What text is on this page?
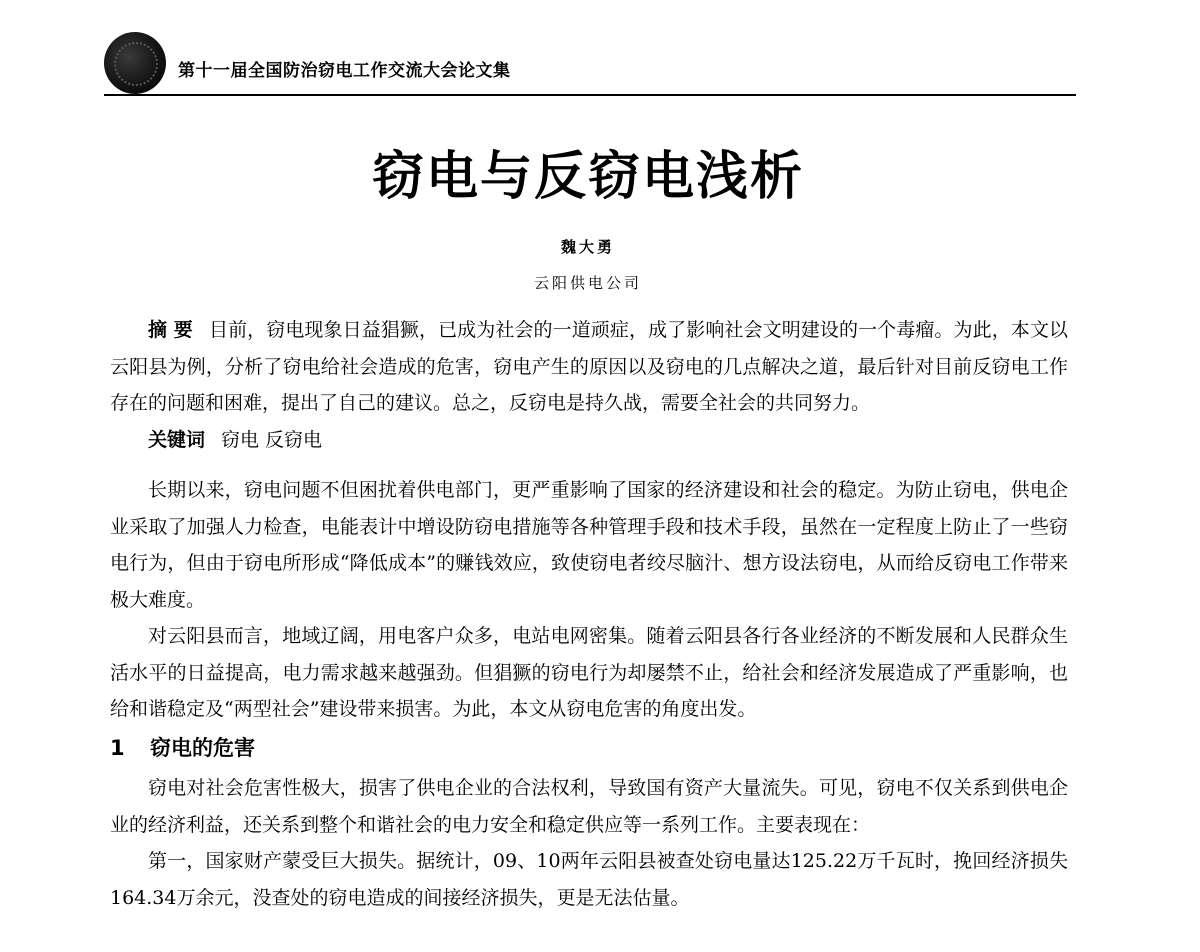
第十一届全国防治窃电工作交流大会论文集
窃电与反窃电浅析
魏大勇
云阳供电公司

摘 要 目前，窃电现象日益猖獗，已成为社会的一道顽症，成了影响社会文明建设的一个毒瘤。为此，本文以云阳县为例，分析了窃电给社会造成的危害，窃电产生的原因以及窃电的几点解决之道，最后针对目前反窃电工作存在的问题和困难，提出了自己的建议。总之，反窃电是持久战，需要全社会的共同努力。

关键词 窃电 反窃电

长期以来，窃电问题不但困扰着供电部门，更严重影响了国家的经济建设和社会的稳定。为防止窃电，供电企业采取了加强人力检查，电能表计中增设防窃电措施等各种管理手段和技术手段，虽然在一定程度上防止了一些窃电行为，但由于窃电所形成“降低成本”的赚钱效应，致使窃电者绞尽脑汁、想方设法窃电，从而给反窃电工作带来极大难度。

对云阳县而言，地域辽阔，用电客户众多，电站电网密集。随着云阳县各行各业经济的不断发展和人民群众生活水平的日益提高，电力需求越来越强劲。但猖獗的窃电行为却屡禁不止，给社会和经济发展造成了严重影响，也给和谐稳定及“两型社会”建设带来损害。为此，本文从窃电危害的角度出发。

1 窃电的危害

窃电对社会危害性极大，损害了供电企业的合法权利，导致国有资产大量流失。可见，窃电不仅关系到供电企业的经济利益，还关系到整个和谐社会的电力安全和稳定供应等一系列工作。主要表现在：

第一，国家财产蒙受巨大损失。据统计，09、10两年云阳县被查处窃电量达125.22万千瓦时，挽回经济损失164.34万余元，没查处的窃电造成的间接经济损失，更是无法估量。
